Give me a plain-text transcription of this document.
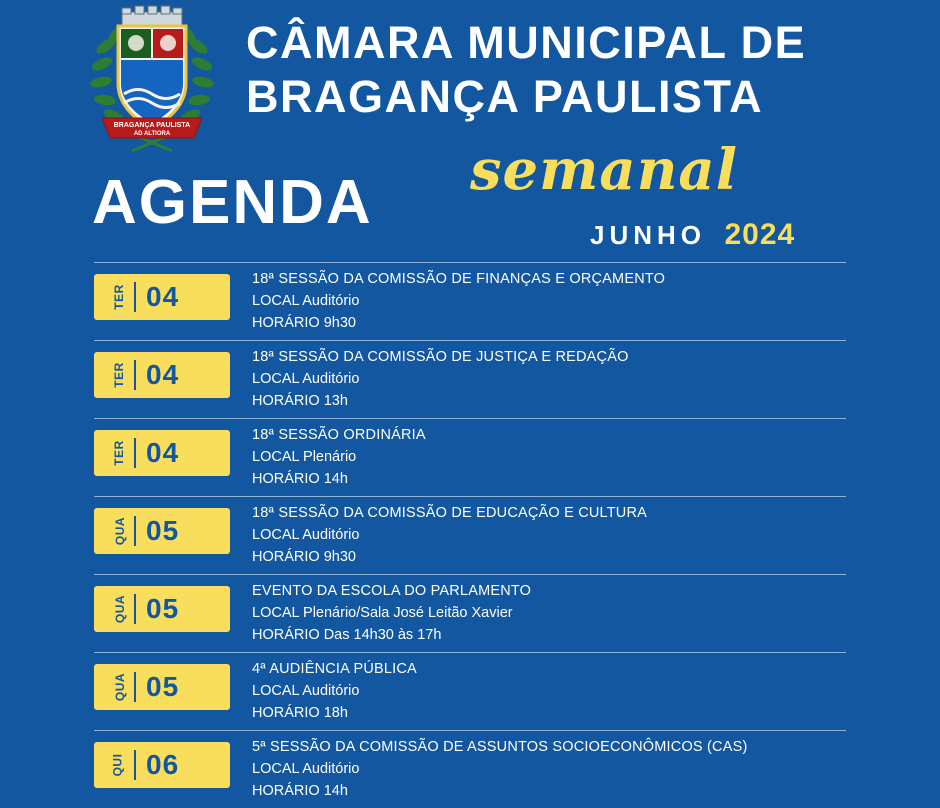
BRAGANÇA PAULISTA
AD ALTIORA
CÂMARA MUNICIPAL DE
BRAGANÇA PAULISTA
AGENDA semanal
JUNHO 2024
TER 04
18ª SESSÃO DA COMISSÃO DE FINANÇAS E ORÇAMENTO
LOCAL Auditório
HORÁRIO 9h30
TER 04
18ª SESSÃO DA COMISSÃO DE JUSTIÇA E REDAÇÃO
LOCAL Auditório
HORÁRIO 13h
TER 04
18ª SESSÃO ORDINÁRIA
LOCAL Plenário
HORÁRIO 14h
QUA 05
18ª SESSÃO DA COMISSÃO DE EDUCAÇÃO E CULTURA
LOCAL Auditório
HORÁRIO 9h30
QUA 05
EVENTO DA ESCOLA DO PARLAMENTO
LOCAL Plenário/Sala José Leitão Xavier
HORÁRIO Das 14h30 às 17h
QUA 05
4ª AUDIÊNCIA PÚBLICA
LOCAL Auditório
HORÁRIO 18h
QUI 06
5ª SESSÃO DA COMISSÃO DE ASSUNTOS SOCIOECONÔMICOS (CAS)
LOCAL Auditório
HORÁRIO 14h
